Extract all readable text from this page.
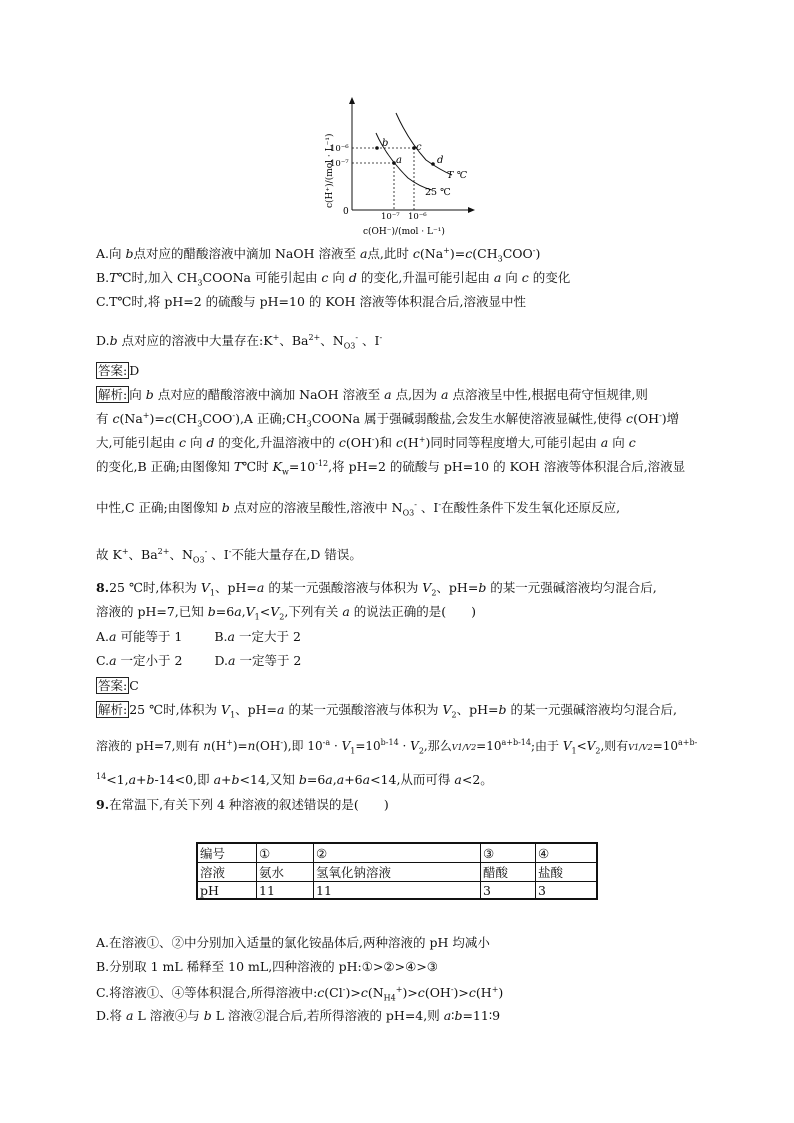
b	c
a	d
T ℃
25 ℃
10⁻⁶
10⁻⁷
0	10⁻⁷ 10⁻⁶
c(OH⁻)/(mol · L⁻¹)
c(H⁺)/(mol · L⁻¹)
A.向 b点对应的醋酸溶液中滴加 NaOH 溶液至 a点,此时 $c(Na^+)=c(CH_3COO^-)$
B.T℃时,加入 $CH_3COONa$ 可能引起由 c 向 d 的变化,升温可能引起由 a 向 c 的变化
C.T℃时,将 pH=2 的硫酸与 pH=10 的 KOH 溶液等体积混合后,溶液显中性
D.b 点对应的溶液中大量存在:K+、$Ba^{2+}$、$N_{O3}^-$ 、I-
答案: D
解析: 向 b 点对应的醋酸溶液中滴加 NaOH 溶液至 a 点,因为 a 点溶液呈中性,根据电荷守恒规律,则
有 $c(Na^+)=c(CH_3COO^-),A$ 正确$;CH_3COONa$ 属于强碱弱酸盐,会发生水解使溶液显碱性,使得 c(OH-)增
大,可能引起由 c 向 d 的变化,升温溶液中的 c(OH-)和 c(H+)同时同等程度增大,可能引起由 a 向 c
的变化,B 正确;由图像知 T℃时 $K_w=10^{-12}$,将 pH=2 的硫酸与 pH=10 的 KOH 溶液等体积混合后,溶液显
中性,C 正确;由图像知 b 点对应的溶液呈酸性,溶液中 $N_{O3}^-$ 、I-在酸性条件下发生氧化还原反应,
故 K+、$Ba^{2+}$、$N_{O3}^-$ 、I-不能大量存在,D 错误。
8.25 ℃时,体积为 $V_1$、pH=a 的某一元强酸溶液与体积为 $V_2$、pH=b 的某一元强碱溶液均匀混合后,
溶液的 pH=7,已知 $b=6a,V_1<V_2$,下列有关 a 的说法正确的是(　　)
A.a 可能等于 1	B.a 一定大于 2
C.a 一定小于 2	D.a 一定等于 2
答案: C
解析: 25 ℃时,体积为 $V_1$、pH=a 的某一元强酸溶液与体积为 $V_2$、pH=b 的某一元强碱溶液均匀混合后,
溶液的 pH=7,则有 n(H+)=n(OH-),即 $10^{-a} \cdot V_1=10^{b-14} \cdot V_2$,那么$V1/V2=10^{a+b-14}$;由于 $V_1<V_2$,则有$V1/V2=10^{a+b-}$
$^{14}$<1,a+b-14<0,即 a+b<14,又知 b=6a,a+6a<14,从而可得 a<2。
9.在常温下,有关下列 4 种溶液的叙述错误的是(　　)
编号	①	②	③	④
溶液	氨水	氢氧化钠溶液	醋酸	盐酸
pH	11	11	3	3
A.在溶液①、②中分别加入适量的氯化铵晶体后,两种溶液的 pH 均减小
B.分别取 1 mL 稀释至 10 mL,四种溶液的 pH:①>②>④>③
C.将溶液①、④等体积混合,所得溶液中$:c(Cl^-)>c(N_{H4}^+)>c(OH^-)>c(H^+)$
D.将 a L 溶液④与 b L 溶液②混合后,若所得溶液的 pH=4,则 a∶b=11∶9
